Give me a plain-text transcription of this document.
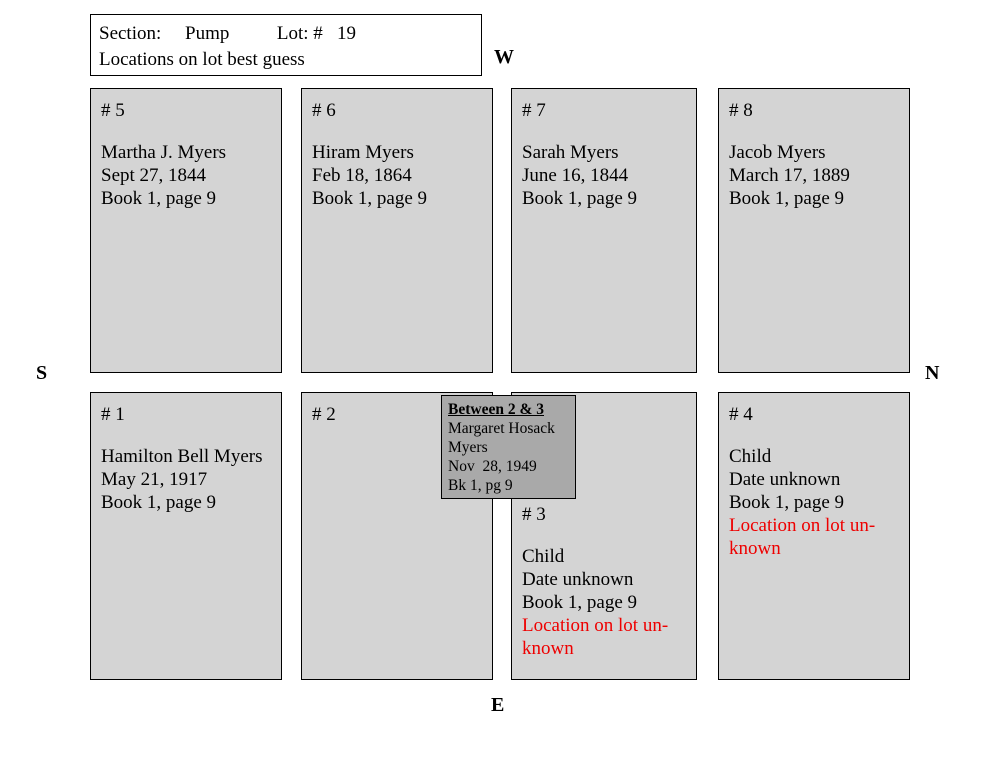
Section:     Pump          Lot: #   19
Locations on lot best guess	W
S	N
E
# 5
Martha J. Myers
Sept 27, 1844
Book 1, page 9
# 6
Hiram Myers
Feb 18, 1864
Book 1, page 9
# 7
Sarah Myers
June 16, 1844
Book 1, page 9
# 8
Jacob Myers
March 17, 1889
Book 1, page 9
# 1
Hamilton Bell Myers
May 21, 1917
Book 1, page 9
# 2
# 3
Child
Date unknown
Book 1, page 9
Location on lot un-
known
# 4
Child
Date unknown
Book 1, page 9
Location on lot un-
known
Between 2 & 3
Margaret Hosack
Myers
Nov  28, 1949
Bk 1, pg 9
